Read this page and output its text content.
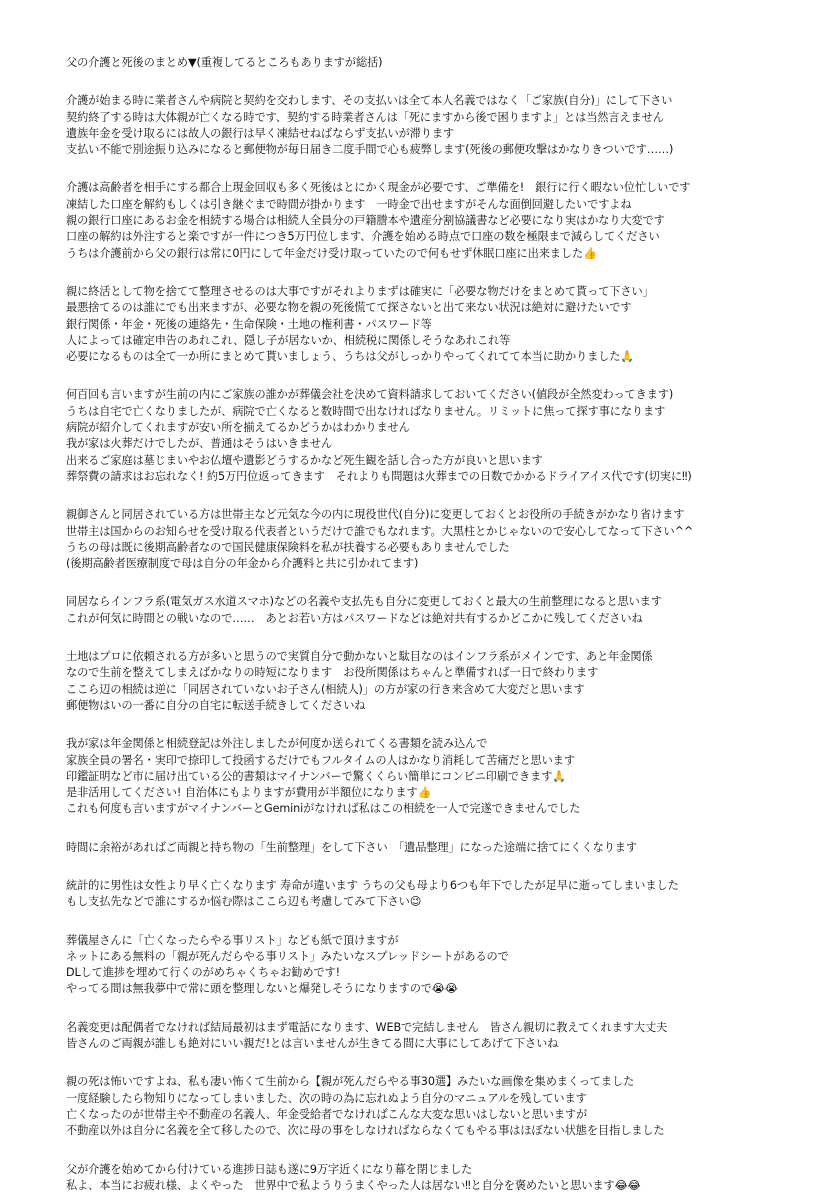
父の介護と死後のまとめ▼(重複してるところもありますが総括)
介護が始まる時に業者さんや病院と契約を交わします、その支払いは全て本人名義ではなく「ご家族(自分)」にして下さい
契約終了する時は大体親が亡くなる時です、契約する時業者さんは「死にますから後で困りますよ」とは当然言えません
遺族年金を受け取るには故人の銀行は早く凍結せねばならず支払いが滞ります
支払い不能で別途振り込みになると郵便物が毎日届き二度手間で心も疲弊します(死後の郵便攻撃はかなりきついです……)
介護は高齢者を相手にする都合上現金回収も多く死後はとにかく現金が必要です、ご準備を!　銀行に行く暇ない位忙しいです
凍結した口座を解約もしくは引き継ぐまで時間が掛かります　一時金で出せますがそんな面倒回避したいですよね
親の銀行口座にあるお金を相続する場合は相続人全員分の戸籍謄本や遺産分割協議書など必要になり実はかなり大変です
口座の解約は外注すると楽ですが一件につき5万円位します、介護を始める時点で口座の数を極限まで減らしてください
うちは介護前から父の銀行は常に0円にして年金だけ受け取っていたので何もせず休眠口座に出来ました👍
親に終活として物を捨てて整理させるのは大事ですがそれよりまずは確実に「必要な物だけをまとめて貰って下さい」
最悪捨てるのは誰にでも出来ますが、必要な物を親の死後慌てて探さないと出て来ない状況は絶対に避けたいです
銀行関係・年金・死後の連絡先・生命保険・土地の権利書・パスワード等
人によっては確定申告のあれこれ、隠し子が居ないか、相続税に関係しそうなあれこれ等
必要になるものは全て一か所にまとめて貰いましょう、うちは父がしっかりやってくれてて本当に助かりました🙏
何百回も言いますが生前の内にご家族の誰かが葬儀会社を決めて資料請求しておいてください(値段が全然変わってきます)
うちは自宅で亡くなりましたが、病院で亡くなると数時間で出なければなりません。リミットに焦って探す事になります
病院が紹介してくれますが安い所を揃えてるかどうかはわかりません
我が家は火葬だけでしたが、普通はそうはいきません
出来るご家庭は墓じまいやお仏壇や遺影どうするかなど死生観を話し合った方が良いと思います
葬祭費の請求はお忘れなく! 約5万円位返ってきます　それよりも問題は火葬までの日数でかかるドライアイス代です(切実に‼)
親御さんと同居されている方は世帯主など元気な今の内に現役世代(自分)に変更しておくとお役所の手続きがかなり省けます
世帯主は国からのお知らせを受け取る代表者というだけで誰でもなれます。大黒柱とかじゃないので安心してなって下さい^^
うちの母は既に後期高齢者なので国民健康保険料を私が扶養する必要もありませんでした
(後期高齢者医療制度で母は自分の年金から介護料と共に引かれてます)
同居ならインフラ系(電気ガス水道スマホ)などの名義や支払先も自分に変更しておくと最大の生前整理になると思います
これが何気に時間との戦いなので……　あとお若い方はパスワードなどは絶対共有するかどこかに残してくださいね
土地はプロに依頼される方が多いと思うので実質自分で動かないと駄目なのはインフラ系がメインです、あと年金関係
なので生前を整えてしまえばかなりの時短になります　お役所関係はちゃんと準備すれば一日で終わります
ここら辺の相続は逆に「同居されていないお子さん(相続人)」の方が家の行き来含めて大変だと思います
郵便物はいの一番に自分の自宅に転送手続きしてくださいね
我が家は年金関係と相続登記は外注しましたが何度か送られてくる書類を読み込んで
家族全員の署名・実印で捺印して投函するだけでもフルタイムの人はかなり消耗して苦痛だと思います
印鑑証明など市に届け出ている公的書類はマイナンバーで驚くくらい簡単にコンビニ印刷できます🙏
是非活用してください! 自治体にもよりますが費用が半額位になります👍
これも何度も言いますがマイナンバーとGeminiがなければ私はこの相続を一人で完遂できませんでした
時間に余裕があればご両親と持ち物の「生前整理」をして下さい　「遺品整理」になった途端に捨てにくくなります
統計的に男性は女性より早く亡くなります 寿命が違います うちの父も母より6つも年下でしたが足早に逝ってしまいました
もし支払先などで誰にするか悩む際はここら辺も考慮してみて下さい😉
葬儀屋さんに「亡くなったらやる事リスト」なども紙で頂けますが
ネットにある無料の「親が死んだらやる事リスト」みたいなスプレッドシートがあるので
DLして進捗を埋めて行くのがめちゃくちゃお勧めです!
やってる間は無我夢中で常に頭を整理しないと爆発しそうになりますので😭😭
名義変更は配偶者でなければ結局最初はまず電話になります、WEBで完結しません　皆さん親切に教えてくれます大丈夫
皆さんのご両親が誰しも絶対にいい親だ!とは言いませんが生きてる間に大事にしてあげて下さいね
親の死は怖いですよね、私も凄い怖くて生前から【親が死んだらやる事30選】みたいな画像を集めまくってました
一度経験したら物知りになってしまいました、次の時の為に忘れぬよう自分のマニュアルを残しています
亡くなったのが世帯主や不動産の名義人、年金受給者でなければこんな大変な思いはしないと思いますが
不動産以外は自分に名義を全て移したので、次に母の事をしなければならなくてもやる事はほぼない状態を目指しました
父が介護を始めてから付けている進捗日誌も遂に9万字近くになり幕を閉じました
私よ、本当にお疲れ様、よくやった　世界中で私ようりうまくやった人は居ない‼と自分を褒めたいと思います😂😂
